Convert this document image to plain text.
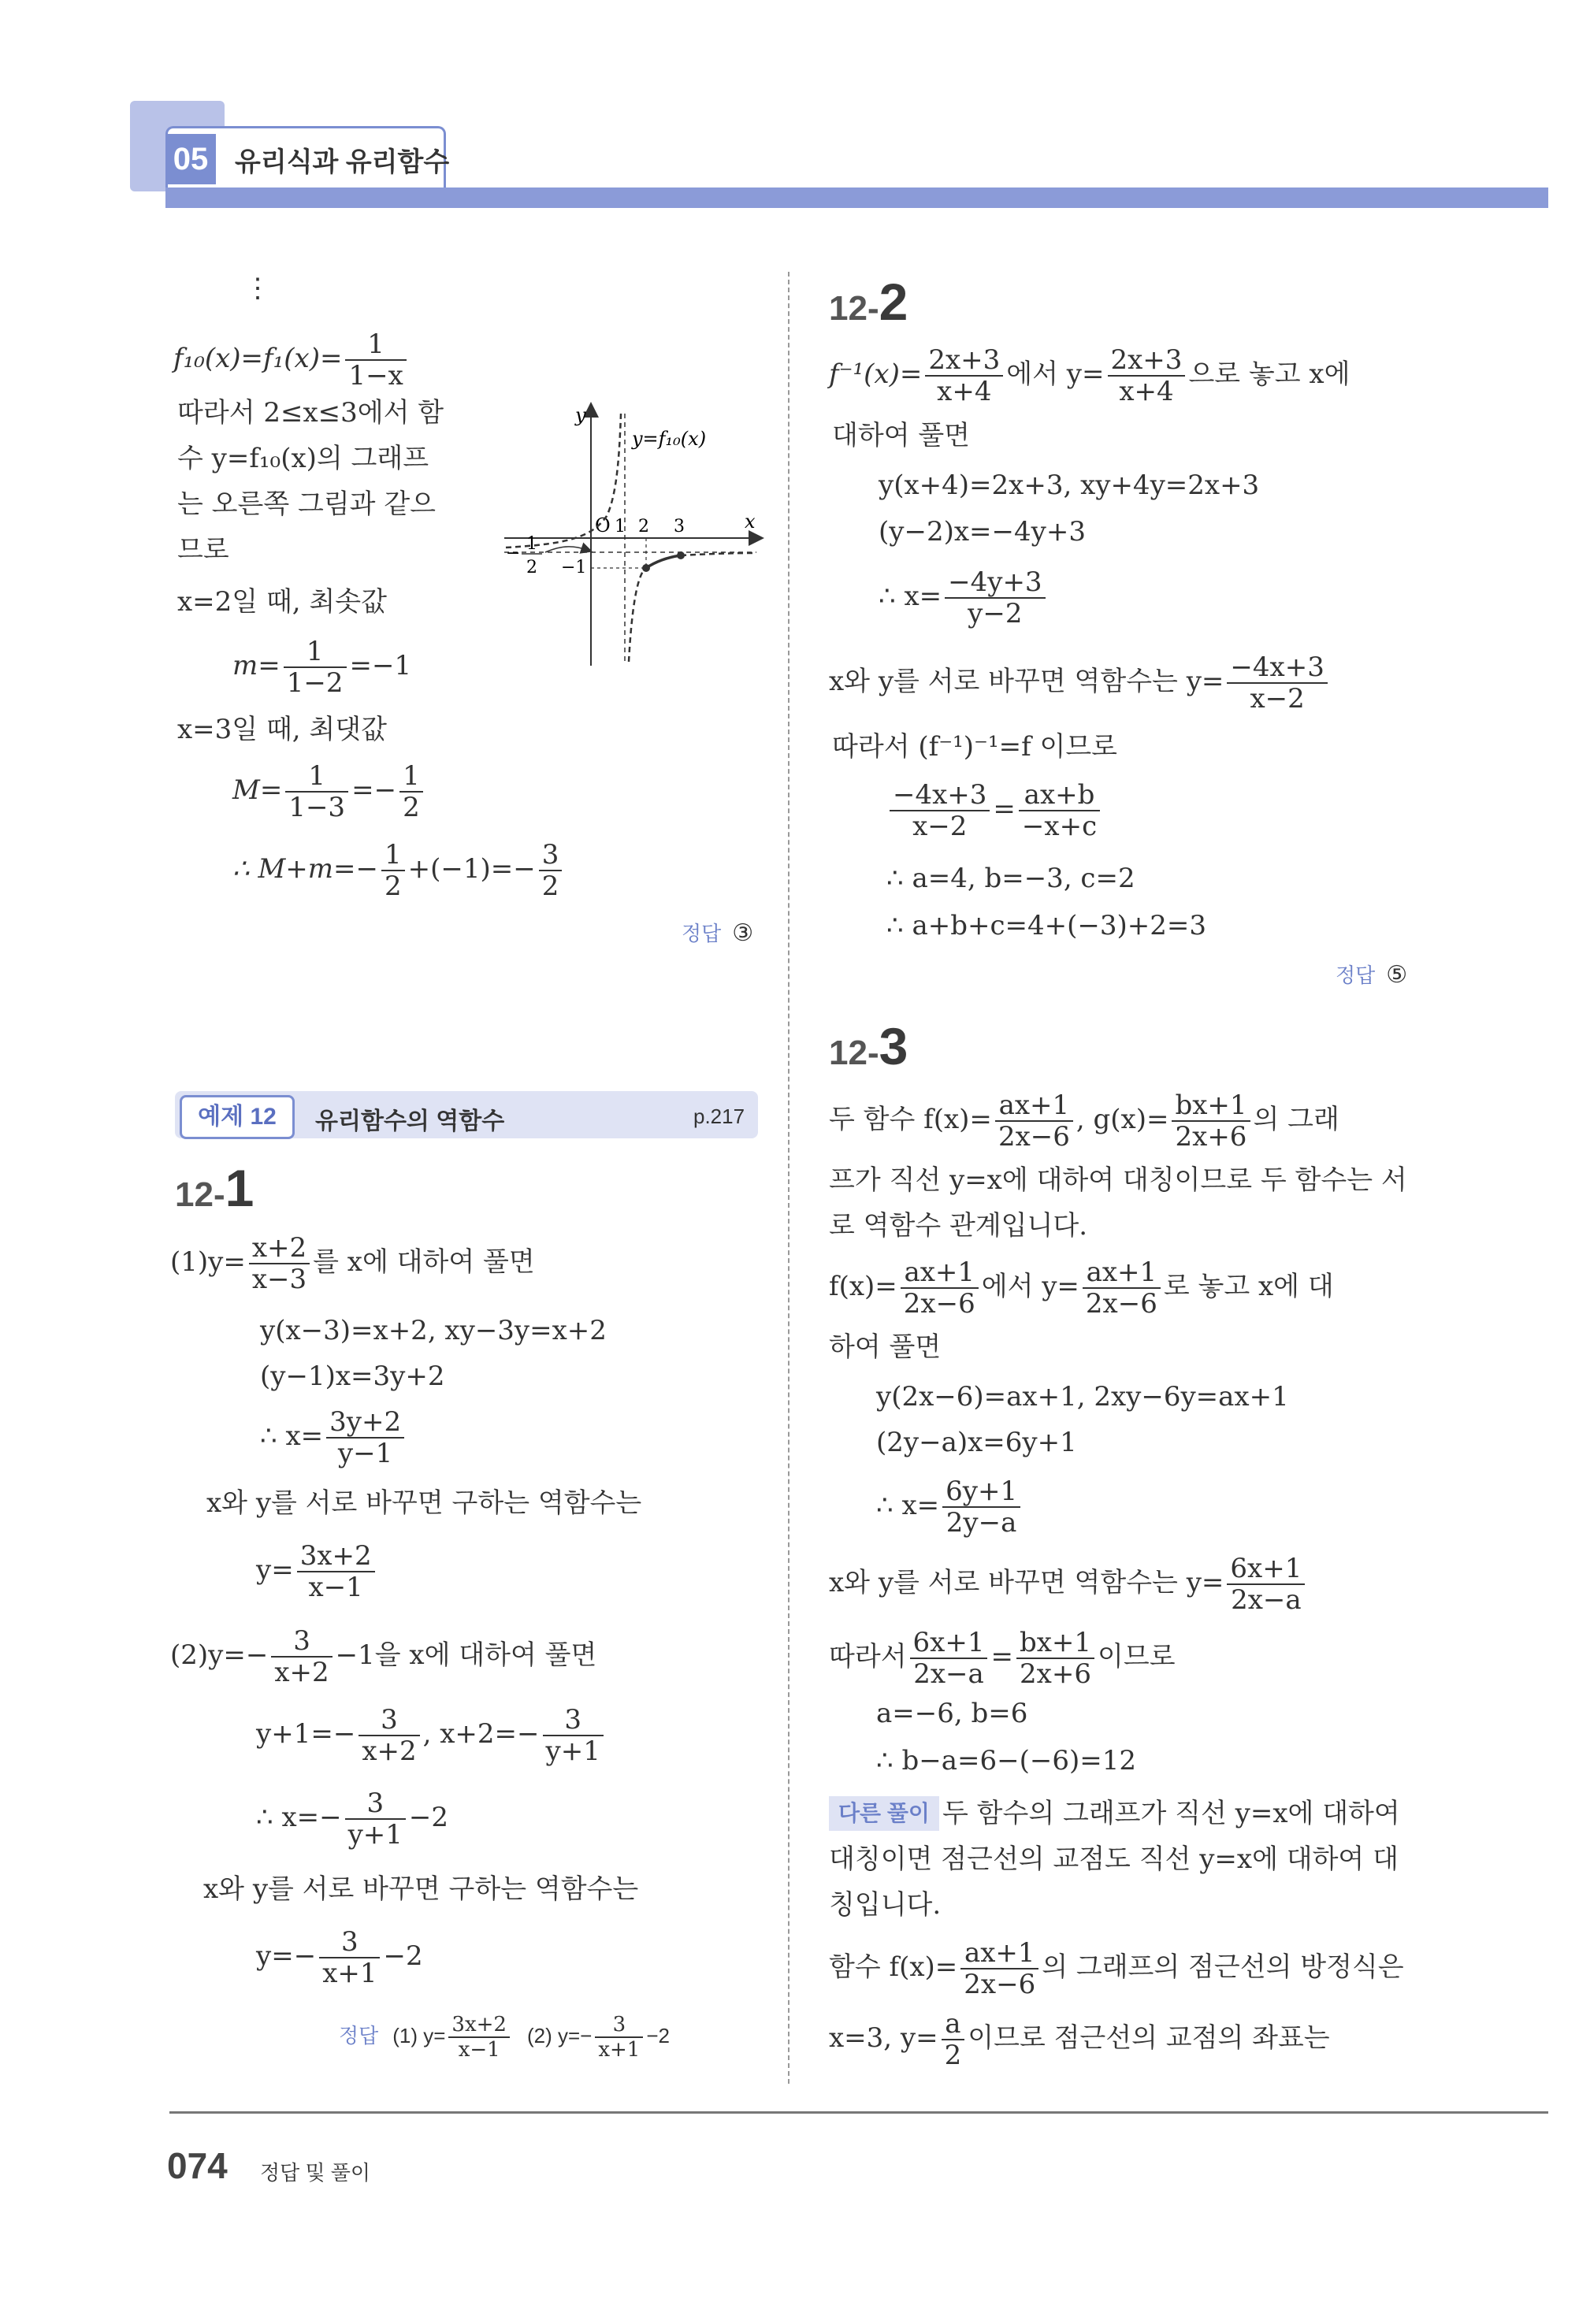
05 유리식과 유리함수
⋮
$f_{10}(x)=f_1(x)= \frac{1}{1-x}$
따라서 2≤x≤3에서 함
수 y=f₁₀(x)의 그래프
는 오른쪽 그림과 같으
므로
y
x
O 1 2 3
y=f₁₀(x)
− 1
2 −1
x=2일 때, 최솟값
$m= \frac{1}{1-2} =-1$
x=3일 때, 최댓값
$M= \frac{1}{1-3} =- \frac{1}{2}$
∴ $M+m=- \frac{1}{2} +(-1)=- \frac{3}{2}$
정답 ③
예제 12	유리함수의 역함수	p.217
12-1
$(1)y= \frac{x+2}{x-3}$ 를 x에 대하여 풀면
y(x−3)=x+2, xy−3y=x+2
(y−1)x=3y+2
∴ $x= \frac{3y+2}{y-1}$
x와 y를 서로 바꾸면 구하는 역함수는
$y= \frac{3x+2}{x-1}$
$(2)y=- \frac{3}{x+2} -1$을 x에 대하여 풀면
$y+1=- \frac{3}{x+2}$ , $x+2=- \frac{3}{y+1}$
∴ $x=- \frac{3}{y+1} -2$
x와 y를 서로 바꾸면 구하는 역함수는
$y=- \frac{3}{x+1} -2$
정답 (1) $y= \frac{3x+2}{x-1} (2)$ $y=- \frac{3}{x+1} -2$
12-2
$f^{-1}(x)= \frac{2x+3}{x+4}$ 에서 $y= \frac{2x+3}{x+4}$ 으로 놓고 x에
대하여 풀면
y(x+4)=2x+3, xy+4y=2x+3
(y−2)x=−4y+3
∴ $x= \frac{-4y+3}{y-2}$
x와 y를 서로 바꾸면 역함수는 $y= \frac{-4x+3}{x-2}$
따라서 (f⁻¹)⁻¹=f 이므로
$\frac{-4x+3}{x-2} = \frac{ax+b}{-x+c}$
∴ a=4, b=−3, c=2
∴ a+b+c=4+(−3)+2=3
정답 ⑤
12-3
두 함수 $f(x)= \frac{ax+1}{2x-6}$ , $g(x)= \frac{bx+1}{2x+6}$ 의 그래
프가 직선 y=x에 대하여 대칭이므로 두 함수는 서
로 역함수 관계입니다.
$f(x)= \frac{ax+1}{2x-6}$ 에서 $y= \frac{ax+1}{2x-6}$ 로 놓고 x에 대
하여 풀면
y(2x−6)=ax+1, 2xy−6y=ax+1
(2y−a)x=6y+1
∴ $x= \frac{6y+1}{2y-a}$
x와 y를 서로 바꾸면 역함수는 $y= \frac{6x+1}{2x-a}$
따라서 $\frac{6x+1}{2x-a} = \frac{bx+1}{2x+6}$ 이므로
a=−6, b=6
∴ b−a=6−(−6)=12
다른 풀이 두 함수의 그래프가 직선 y=x에 대하여
대칭이면 점근선의 교점도 직선 y=x에 대하여 대
칭입니다.
함수 $f(x)= \frac{ax+1}{2x-6}$ 의 그래프의 점근선의 방정식은
x=3, $y= \frac{a}{2}$ 이므로 점근선의 교점의 좌표는
074 정답 및 풀이
